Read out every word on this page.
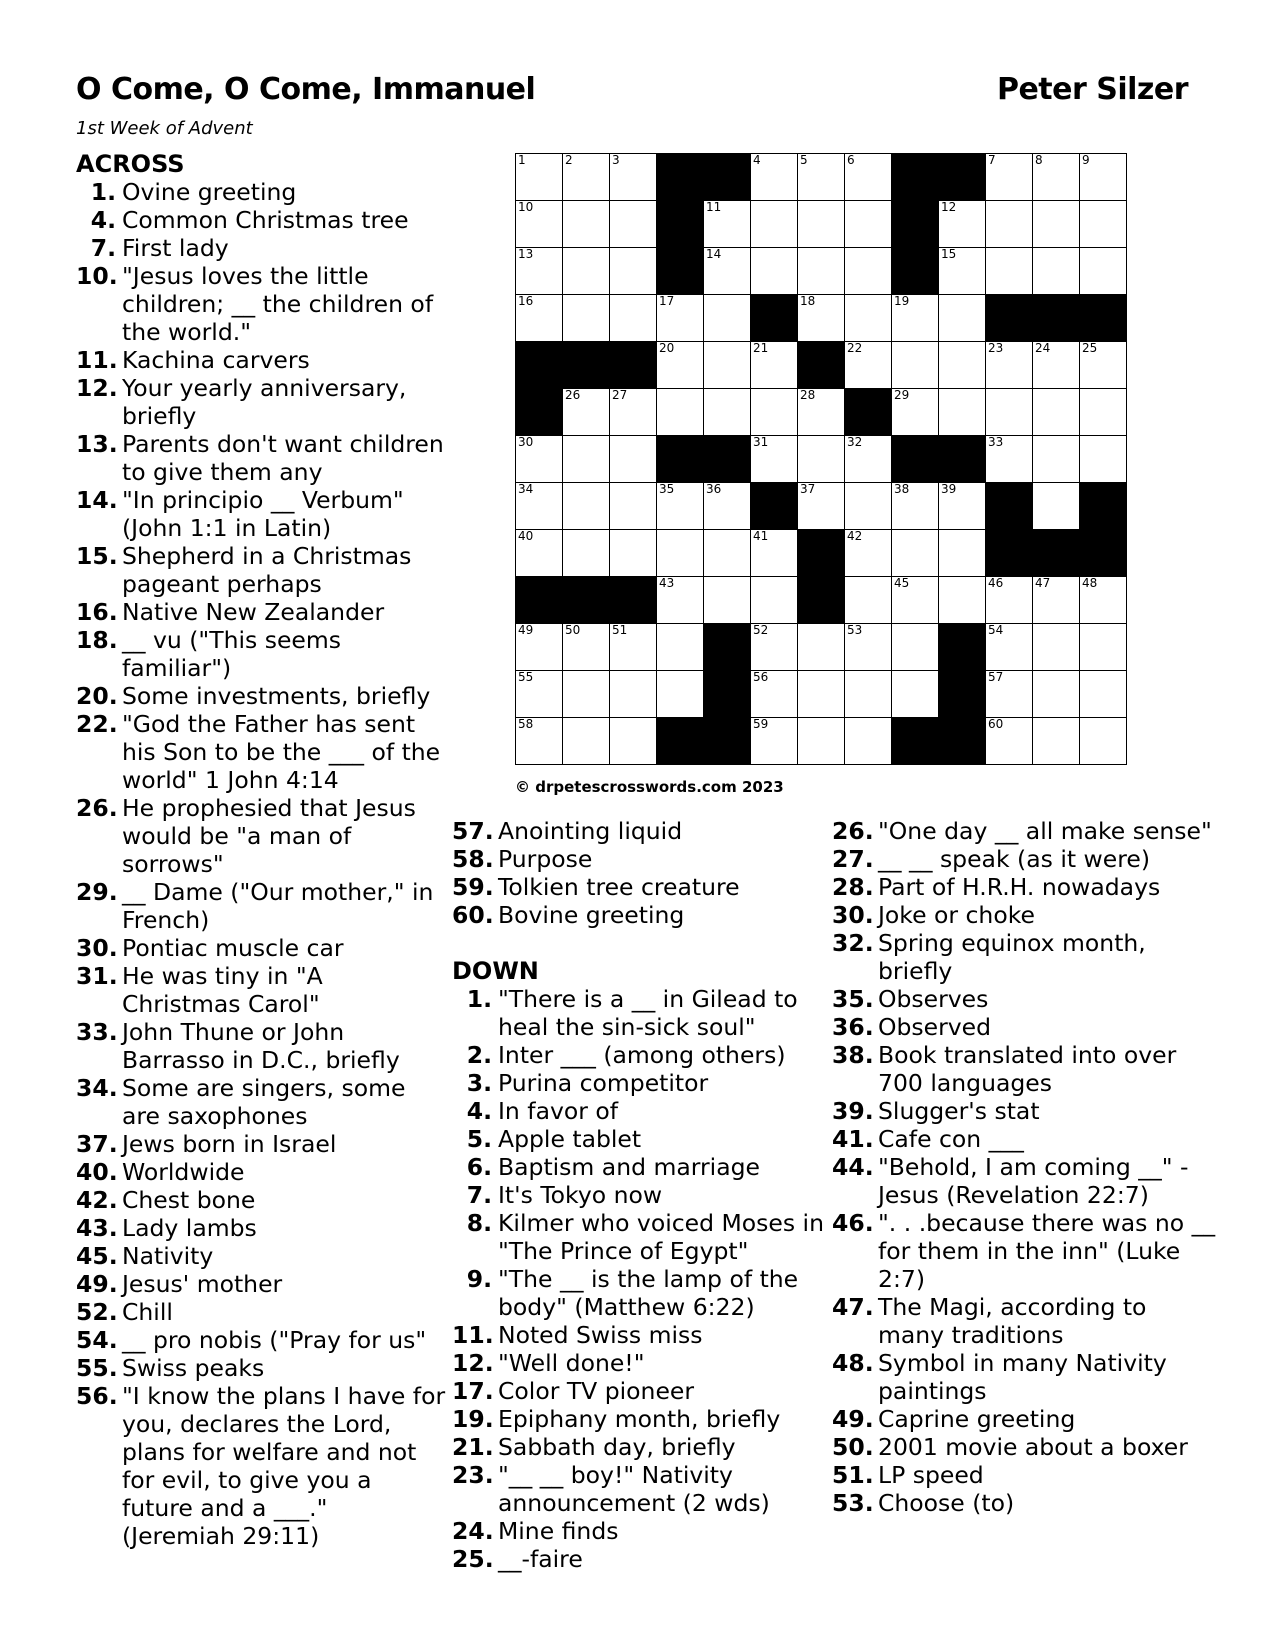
O Come, O Come, Immanuel	Peter Silzer
1st Week of Advent
1	2	3			4	5	6			7	8	9

10				11					12			

13				14					15			

16			17			18		19				

			20		21		22			23	24	25

	26	27				28		29				

30					31		32			33		

34			35	36		37		38	39			

40					41		42					

			43					45		46	47	48

49	50	51			52		53			54		

55					56					57		

58					59					60		

© drpetescrosswords.com 2023
ACROSS
1. Ovine greeting
4. Common Christmas tree
7. First lady
10. "Jesus loves the little children; __ the children of the world."
11. Kachina carvers
12. Your yearly anniversary, briefly
13. Parents don't want children to give them any
14. "In principio __ Verbum" (John 1:1 in Latin)
15. Shepherd in a Christmas pageant perhaps
16. Native New Zealander
18. __ vu ("This seems familiar")
20. Some investments, briefly
22. "God the Father has sent his Son to be the ___ of the world" 1 John 4:14
26. He prophesied that Jesus would be "a man of sorrows"
29. __ Dame ("Our mother," in French)
30. Pontiac muscle car
31. He was tiny in "A Christmas Carol"
33. John Thune or John Barrasso in D.C., briefly
34. Some are singers, some are saxophones
37. Jews born in Israel
40. Worldwide
42. Chest bone
43. Lady lambs
45. Nativity
49. Jesus' mother
52. Chill
54. __ pro nobis ("Pray for us"
55. Swiss peaks
56. "I know the plans I have for you, declares the Lord, plans for welfare and not for evil, to give you a future and a ___." (Jeremiah 29:11)
57. Anointing liquid
58. Purpose
59. Tolkien tree creature
60. Bovine greeting
DOWN
1. "There is a __ in Gilead to heal the sin-sick soul"
2. Inter ___ (among others)
3. Purina competitor
4. In favor of
5. Apple tablet
6. Baptism and marriage
7. It's Tokyo now
8. Kilmer who voiced Moses in "The Prince of Egypt"
9. "The __ is the lamp of the body" (Matthew 6:22)
11. Noted Swiss miss
12. "Well done!"
17. Color TV pioneer
19. Epiphany month, briefly
21. Sabbath day, briefly
23. "__ __ boy!" Nativity announcement (2 wds)
24. Mine finds
25. __-faire
26. "One day __ all make sense"
27. __ __ speak (as it were)
28. Part of H.R.H. nowadays
30. Joke or choke
32. Spring equinox month, briefly
35. Observes
36. Observed
38. Book translated into over 700 languages
39. Slugger's stat
41. Cafe con ___
44. "Behold, I am coming __" - Jesus (Revelation 22:7)
46. ". . .because there was no __ for them in the inn" (Luke 2:7)
47. The Magi, according to many traditions
48. Symbol in many Nativity paintings
49. Caprine greeting
50. 2001 movie about a boxer
51. LP speed
53. Choose (to)
